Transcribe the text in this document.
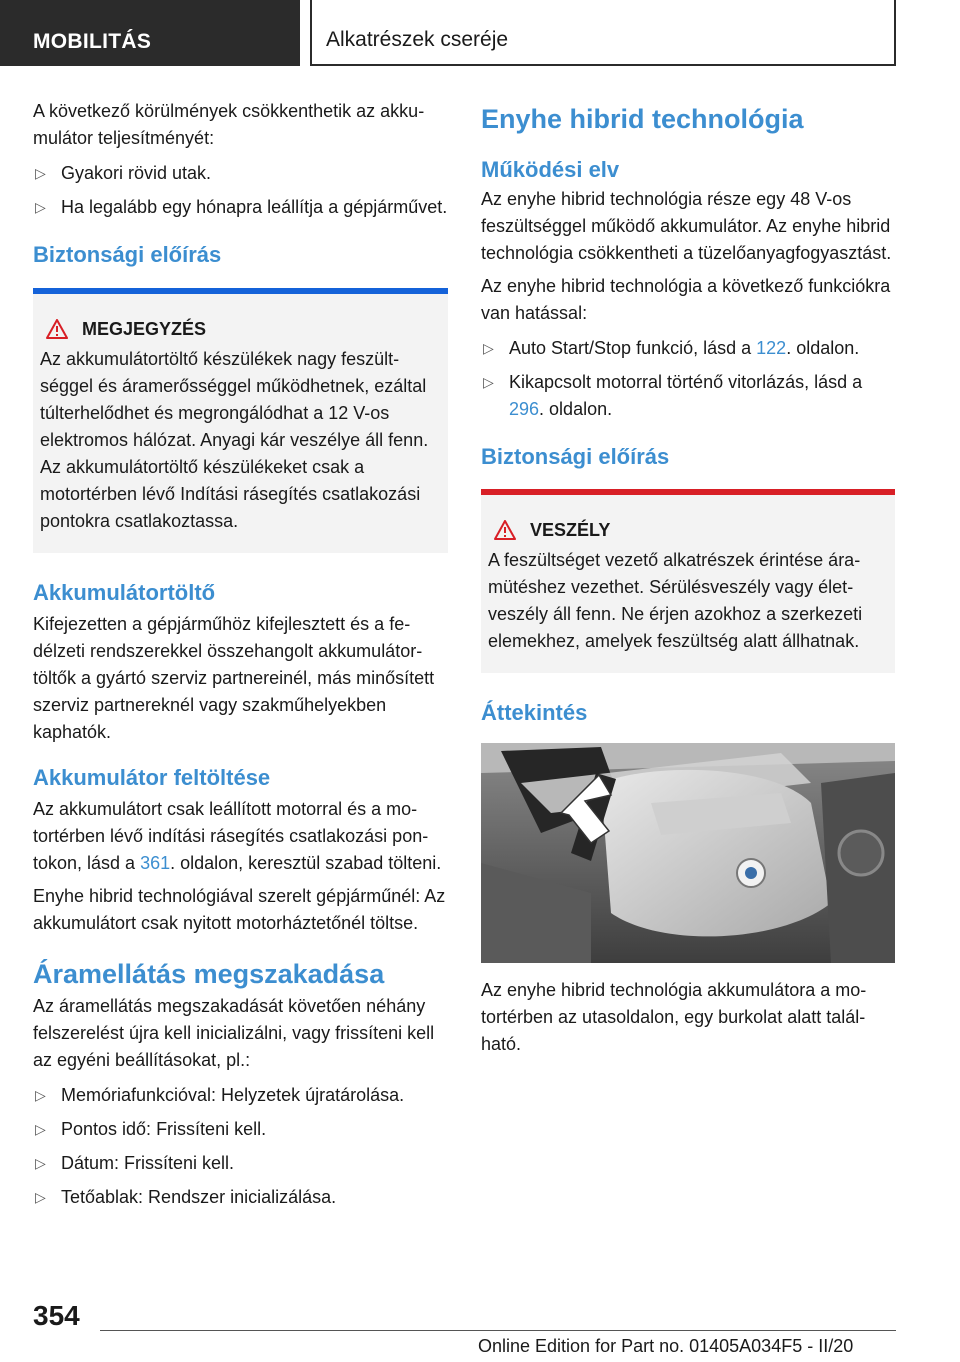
MOBILITÁS	Alkatrészek cseréje

A következő körülmények csökkenthetik az akkumulátor teljesítményét:

▷ Gyakori rövid utak.
▷ Ha legalább egy hónapra leállítja a gépjárművet.
Biztonsági előírás
MEGJEGYZÉS

Az akkumulátortöltő készülékek nagy feszültséggel és áramerősséggel működhetnek, ezáltal túlterhelődhet és megrongálódhat a 12 V-os elektromos hálózat. Anyagi kár veszélye áll fenn. Az akkumulátortöltő készülékeket csak a motortérben lévő Indítási rásegítés csatlakozási pontokra csatlakoztassa.

Akkumulátortöltő

Kifejezetten a gépjárműhöz kifejlesztett és a fedélzeti rendszerekkel összehangolt akkumulátortöltők a gyártó szerviz partnereinél, más minősített szerviz partnereknél vagy szakműhelyekben kaphatók.

Akkumulátor feltöltése

Az akkumulátort csak leállított motorral és a motortérben lévő indítási rásegítés csatlakozási pontokon, lásd a 361. oldalon, keresztül szabad tölteni.

Enyhe hibrid technológiával szerelt gépjárműnél: Az akkumulátort csak nyitott motorháztetőnél töltse.

Áramellátás megszakadása

Az áramellátás megszakadását követően néhány felszerelést újra kell inicializálni, vagy frissíteni kell az egyéni beállításokat, pl.:

▷ Memóriafunkcióval: Helyzetek újratárolása.
▷ Pontos idő: Frissíteni kell.
▷ Dátum: Frissíteni kell.
▷ Tetőablak: Rendszer inicializálása.
Enyhe hibrid technológia
Működési elv

Az enyhe hibrid technológia része egy 48 V-os feszültséggel működő akkumulátor. Az enyhe hibrid technológia csökkentheti a tüzelőanyagfogyasztást.

Az enyhe hibrid technológia a következő funkciókra van hatással:

▷ Auto Start/Stop funkció, lásd a 122. oldalon.
▷ Kikapcsolt motorral történő vitorlázás, lásd a 296. oldalon.
Biztonsági előírás
VESZÉLY

A feszültséget vezető alkatrészek érintése áramütéshez vezethet. Sérülésveszély vagy életveszély áll fenn. Ne érjen azokhoz a szerkezeti elemekhez, amelyek feszültség alatt állhatnak.

Áttekintés

Az enyhe hibrid technológia akkumulátora a motortérben az utasoldalon, egy burkolat alatt található.

354
Online Edition for Part no. 01405A034F5 - II/20
